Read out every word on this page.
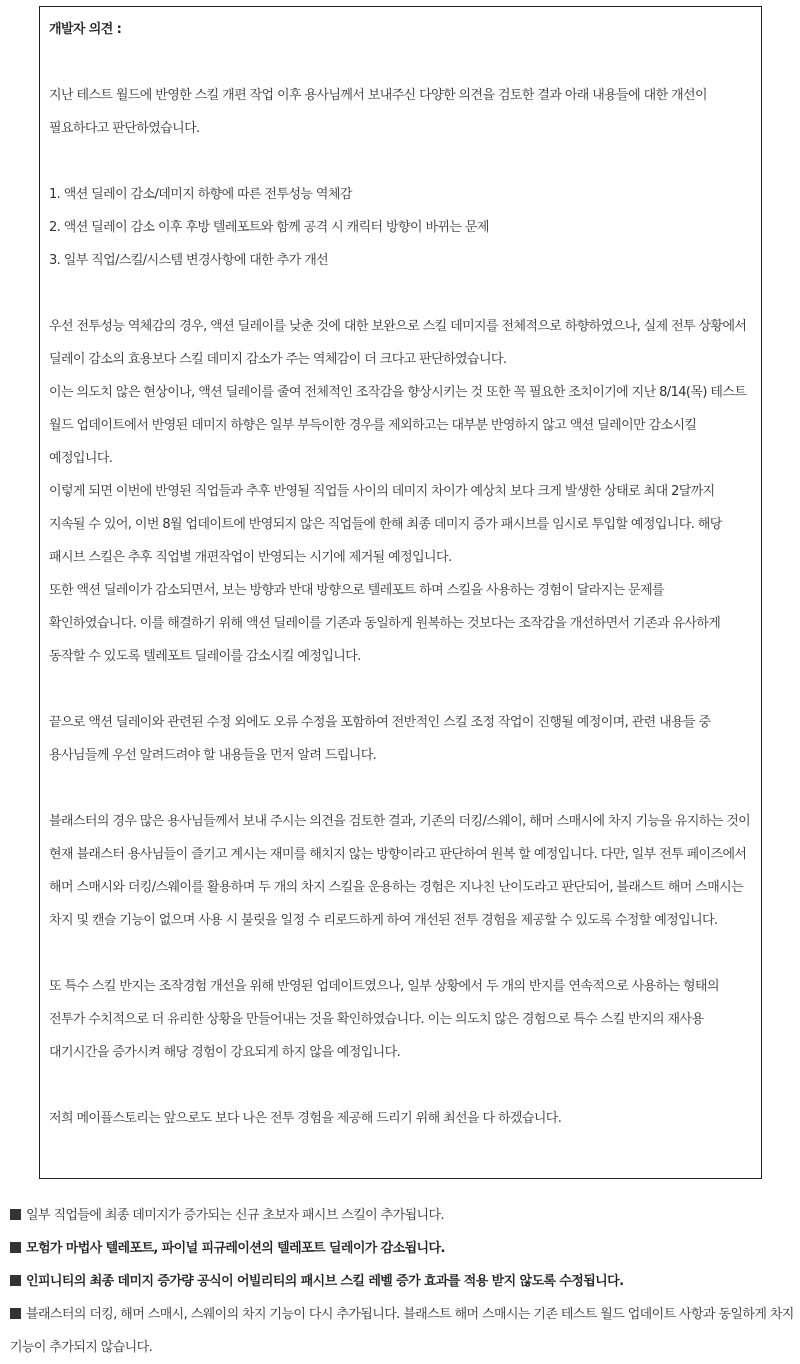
개발자 의견 :

지난 테스트 월드에 반영한 스킬 개편 작업 이후 용사님께서 보내주신 다양한 의견을 검토한 결과 아래 내용들에 대한 개선이 필요하다고 판단하였습니다.

1. 액션 딜레이 감소/데미지 하향에 따른 전투성능 역체감

2. 액션 딜레이 감소 이후 후방 텔레포트와 함께 공격 시 캐릭터 방향이 바뀌는 문제

3. 일부 직업/스킬/시스템 변경사항에 대한 추가 개선

우선 전투성능 역체감의 경우, 액션 딜레이를 낮춘 것에 대한 보완으로 스킬 데미지를 전체적으로 하향하였으나, 실제 전투 상황에서 딜레이 감소의 효용보다 스킬 데미지 감소가 주는 역체감이 더 크다고 판단하였습니다.

이는 의도치 않은 현상이나, 액션 딜레이를 줄여 전체적인 조작감을 향상시키는 것 또한 꼭 필요한 조치이기에 지난 8/14(목) 테스트 월드 업데이트에서 반영된 데미지 하향은 일부 부득이한 경우를 제외하고는 대부분 반영하지 않고 액션 딜레이만 감소시킬 예정입니다.

이렇게 되면 이번에 반영된 직업들과 추후 반영될 직업들 사이의 데미지 차이가 예상치 보다 크게 발생한 상태로 최대 2달까지 지속될 수 있어, 이번 8월 업데이트에 반영되지 않은 직업들에 한해 최종 데미지 증가 패시브를 임시로 투입할 예정입니다. 해당 패시브 스킬은 추후 직업별 개편작업이 반영되는 시기에 제거될 예정입니다.

또한 액션 딜레이가 감소되면서, 보는 방향과 반대 방향으로 텔레포트 하며 스킬을 사용하는 경험이 달라지는 문제를 확인하였습니다. 이를 해결하기 위해 액션 딜레이를 기존과 동일하게 원복하는 것보다는 조작감을 개선하면서 기존과 유사하게 동작할 수 있도록 텔레포트 딜레이를 감소시킬 예정입니다.

끝으로 액션 딜레이와 관련된 수정 외에도 오류 수정을 포함하여 전반적인 스킬 조정 작업이 진행될 예정이며, 관련 내용들 중 용사님들께 우선 알려드려야 할 내용들을 먼저 알려 드립니다.

블래스터의 경우 많은 용사님들께서 보내 주시는 의견을 검토한 결과, 기존의 더킹/스웨이, 해머 스매시에 차지 기능을 유지하는 것이 현재 블래스터 용사님들이 즐기고 계시는 재미를 해치지 않는 방향이라고 판단하여 원복 할 예정입니다. 다만, 일부 전투 페이즈에서 해머 스매시와 더킹/스웨이를 활용하며 두 개의 차지 스킬을 운용하는 경험은 지나친 난이도라고 판단되어, 블래스트 해머 스매시는 차지 및 캔슬 기능이 없으며 사용 시 불릿을 일정 수 리로드하게 하여 개선된 전투 경험을 제공할 수 있도록 수정할 예정입니다.

또 특수 스킬 반지는 조작경험 개선을 위해 반영된 업데이트였으나, 일부 상황에서 두 개의 반지를 연속적으로 사용하는 형태의 전투가 수치적으로 더 유리한 상황을 만들어내는 것을 확인하였습니다. 이는 의도치 않은 경험으로 특수 스킬 반지의 재사용 대기시간을 증가시켜 해당 경험이 강요되게 하지 않을 예정입니다.

저희 메이플스토리는 앞으로도 보다 나은 전투 경험을 제공해 드리기 위해 최선을 다 하겠습니다.

일부 직업들에 최종 데미지가 증가되는 신규 초보자 패시브 스킬이 추가됩니다.

모험가 마법사 텔레포트, 파이널 피규레이션의 텔레포트 딜레이가 감소됩니다.

인피니티의 최종 데미지 증가량 공식이 어빌리티의 패시브 스킬 레벨 증가 효과를 적용 받지 않도록 수정됩니다.

블래스터의 더킹, 해머 스매시, 스웨이의 차지 기능이 다시 추가됩니다. 블래스트 해머 스매시는 기존 테스트 월드 업데이트 사항과 동일하게 차지 기능이 추가되지 않습니다.
